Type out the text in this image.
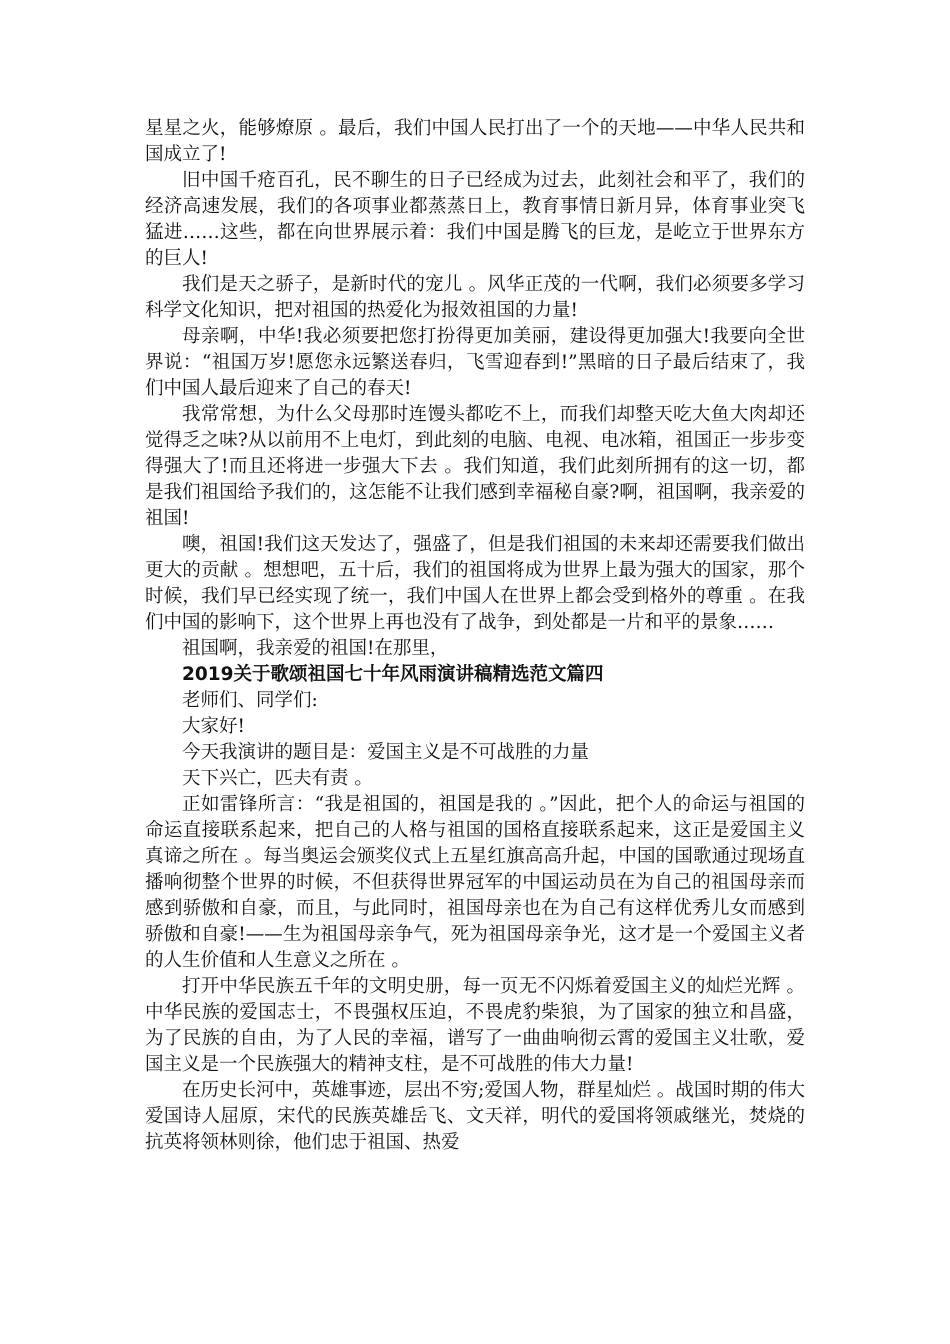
星星之火，能够燎原 。最后，我们中国人民打出了一个的天地——中华人民共和国成立了!

旧中国千疮百孔，民不聊生的日子已经成为过去，此刻社会和平了，我们的经济高速发展，我们的各项事业都蒸蒸日上，教育事情日新月异，体育事业突飞猛进……这些，都在向世界展示着：我们中国是腾飞的巨龙，是屹立于世界东方的巨人!

我们是天之骄子，是新时代的宠儿 。风华正茂的一代啊，我们必须要多学习科学文化知识，把对祖国的热爱化为报效祖国的力量!

母亲啊，中华!我必须要把您打扮得更加美丽，建设得更加强大!我要向全世界说：“祖国万岁!愿您永远繁送春归，飞雪迎春到!”黑暗的日子最后结束了，我们中国人最后迎来了自己的春天!

我常常想，为什么父母那时连馒头都吃不上，而我们却整天吃大鱼大肉却还觉得乏之味?从以前用不上电灯，到此刻的电脑、电视、电冰箱，祖国正一步步变得强大了!而且还将进一步强大下去 。我们知道，我们此刻所拥有的这一切，都是我们祖国给予我们的，这怎能不让我们感到幸福秘自豪?啊，祖国啊，我亲爱的祖国!

噢，祖国!我们这天发达了，强盛了，但是我们祖国的未来却还需要我们做出更大的贡献 。想想吧，五十后，我们的祖国将成为世界上最为强大的国家，那个时候，我们早已经实现了统一，我们中国人在世界上都会受到格外的尊重 。在我们中国的影响下，这个世界上再也没有了战争，到处都是一片和平的景象……

祖国啊，我亲爱的祖国!在那里，

2019关于歌颂祖国七十年风雨演讲稿精选范文篇四

老师们、同学们:

大家好!

今天我演讲的题目是：爱国主义是不可战胜的力量

天下兴亡，匹夫有责 。

正如雷锋所言：“我是祖国的，祖国是我的 。”因此，把个人的命运与祖国的命运直接联系起来，把自己的人格与祖国的国格直接联系起来，这正是爱国主义真谛之所在 。每当奥运会颁奖仪式上五星红旗高高升起，中国的国歌通过现场直播响彻整个世界的时候，不但获得世界冠军的中国运动员在为自己的祖国母亲而感到骄傲和自豪，而且，与此同时，祖国母亲也在为自己有这样优秀儿女而感到骄傲和自豪!——生为祖国母亲争气，死为祖国母亲争光，这才是一个爱国主义者的人生价值和人生意义之所在 。

打开中华民族五千年的文明史册，每一页无不闪烁着爱国主义的灿烂光辉 。中华民族的爱国志士，不畏强权压迫，不畏虎豹柴狼，为了国家的独立和昌盛，为了民族的自由，为了人民的幸福，谱写了一曲曲响彻云霄的爱国主义壮歌，爱国主义是一个民族强大的精神支柱，是不可战胜的伟大力量!

在历史长河中，英雄事迹，层出不穷;爱国人物，群星灿烂 。战国时期的伟大爱国诗人屈原，宋代的民族英雄岳飞、文天祥，明代的爱国将领戚继光，焚烧的抗英将领林则徐，他们忠于祖国、热爱
